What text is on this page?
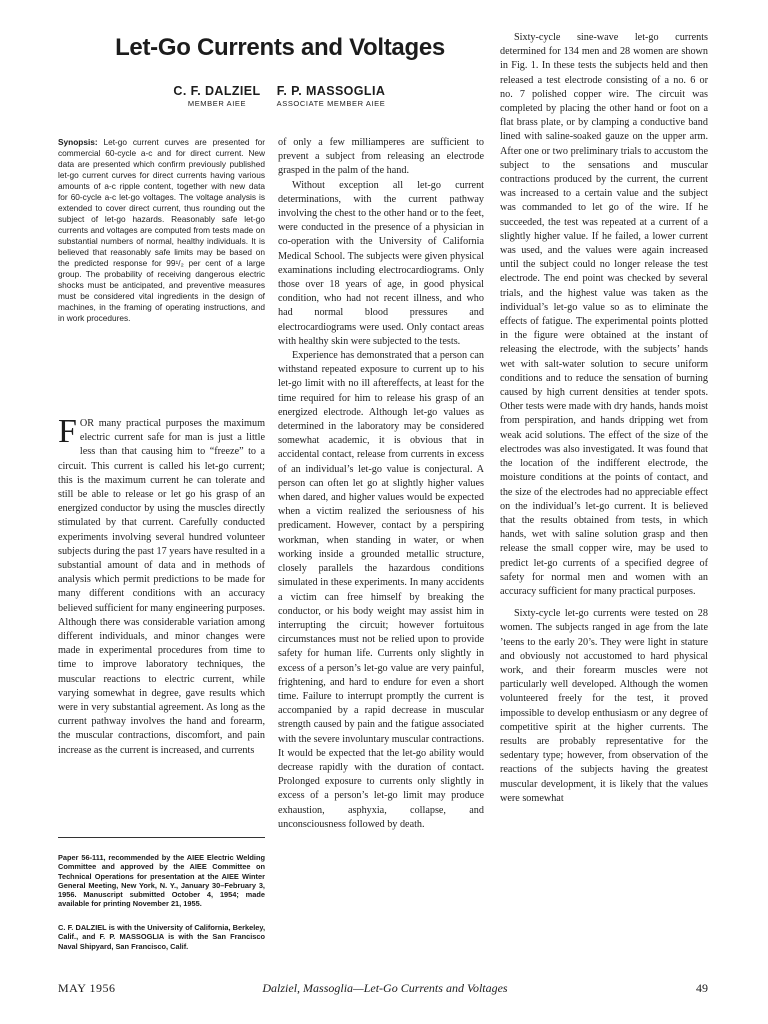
Let-Go Currents and Voltages
C. F. DALZIEL
MEMBER AIEE
F. P. MASSOGLIA
ASSOCIATE MEMBER AIEE
Synopsis: Let-go current curves are presented for commercial 60-cycle a-c and for direct current. New data are presented which confirm previously published let-go current curves for direct currents having various amounts of a-c ripple content, together with new data for 60-cycle a-c let-go voltages. The voltage analysis is extended to cover direct current, thus rounding out the subject of let-go hazards. Reasonably safe let-go currents and voltages are computed from tests made on substantial numbers of normal, healthy individuals. It is believed that reasonably safe limits may be based on the predicted response for 99¹/₂ per cent of a large group. The probability of receiving dangerous electric shocks must be anticipated, and preventive measures must be considered vital ingredients in the design of machines, in the framing of operating instructions, and in work procedures.

FOR many practical purposes the maximum electric current safe for man is just a little less than that causing him to “freeze” to a circuit. This current is called his let-go current; this is the maximum current he can tolerate and still be able to release or let go his grasp of an energized conductor by using the muscles directly stimulated by that current. Carefully conducted experiments involving several hundred volunteer subjects during the past 17 years have resulted in a substantial amount of data and in methods of analysis which permit predictions to be made for many different conditions with an accuracy believed sufficient for many engineering purposes. Although there was considerable variation among different individuals, and minor changes were made in experimental procedures from time to time to improve laboratory techniques, the muscular reactions to electric current, while varying somewhat in degree, gave results which were in very substantial agreement. As long as the current pathway involves the hand and forearm, the muscular contractions, discomfort, and pain increase as the current is increased, and currents

of only a few milliamperes are sufficient to prevent a subject from releasing an electrode grasped in the palm of the hand.

Without exception all let-go current determinations, with the current pathway involving the chest to the other hand or to the feet, were conducted in the presence of a physician in co-operation with the University of California Medical School. The subjects were given physical examinations including electrocardiograms. Only those over 18 years of age, in good physical condition, who had not recent illness, and who had normal blood pressures and electrocardiograms were used. Only contact areas with healthy skin were subjected to the tests.

Experience has demonstrated that a person can withstand repeated exposure to current up to his let-go limit with no ill aftereffects, at least for the time required for him to release his grasp of an energized electrode. Although let-go values as determined in the laboratory may be considered somewhat academic, it is obvious that in accidental contact, release from currents in excess of an individual’s let-go value is conjectural. A person can often let go at slightly higher values when dared, and higher values would be expected when a victim realized the seriousness of his predicament. However, contact by a perspiring workman, when standing in water, or when working inside a grounded metallic structure, closely parallels the hazardous conditions simulated in these experiments. In many accidents a victim can free himself by breaking the conductor, or his body weight may assist him in interrupting the circuit; however fortuitous circumstances must not be relied upon to provide safety for human life. Currents only slightly in excess of a person’s let-go value are very painful, frightening, and hard to endure for even a short time. Failure to interrupt promptly the current is accompanied by a rapid decrease in muscular strength caused by pain and the fatigue associated with the severe involuntary muscular contractions. It would be expected that the let-go ability would decrease rapidly with the duration of contact. Prolonged exposure to currents only slightly in excess of a person’s let-go limit may produce exhaustion, asphyxia, collapse, and unconsciousness followed by death.

Sixty-cycle sine-wave let-go currents determined for 134 men and 28 women are shown in Fig. 1. In these tests the subjects held and then released a test electrode consisting of a no. 6 or no. 7 polished copper wire. The circuit was completed by placing the other hand or foot on a flat brass plate, or by clamping a conductive band lined with saline-soaked gauze on the upper arm. After one or two preliminary trials to accustom the subject to the sensations and muscular contractions produced by the current, the current was increased to a certain value and the subject was commanded to let go of the wire. If he succeeded, the test was repeated at a current of a slightly higher value. If he failed, a lower current was used, and the values were again increased until the subject could no longer release the test electrode. The end point was checked by several trials, and the highest value was taken as the individual’s let-go value so as to eliminate the effects of fatigue. The experimental points plotted in the figure were obtained at the instant of releasing the electrode, with the subjects’ hands wet with salt-water solution to secure uniform conditions and to reduce the sensation of burning caused by high current densities at tender spots. Other tests were made with dry hands, hands moist from perspiration, and hands dripping wet from weak acid solutions. The effect of the size of the electrodes was also investigated. It was found that the location of the indifferent electrode, the moisture conditions at the points of contact, and the size of the electrodes had no appreciable effect on the individual’s let-go current. It is believed that the results obtained from tests, in which hands, wet with saline solution grasp and then release the small copper wire, may be used to predict let-go currents of a specified degree of safety for normal men and women with an accuracy sufficient for many practical purposes.

Sixty-cycle let-go currents were tested on 28 women. The subjects ranged in age from the late ’teens to the early 20’s. They were light in stature and obviously not accustomed to hard physical work, and their forearm muscles were not particularly well developed. Although the women volunteered freely for the test, it proved impossible to develop enthusiasm or any degree of competitive spirit at the higher currents. The results are probably representative for the sedentary type; however, from observation of the reactions of the subjects having the greatest muscular development, it is likely that the values were somewhat

Paper 56-111, recommended by the AIEE Electric Welding Committee and approved by the AIEE Committee on Technical Operations for presentation at the AIEE Winter General Meeting, New York, N. Y., January 30–February 3, 1956. Manuscript submitted October 4, 1954; made available for printing November 21, 1955.
C. F. DALZIEL is with the University of California, Berkeley, Calif., and F. P. MASSOGLIA is with the San Francisco Naval Shipyard, San Francisco, Calif.
MAY 1956	Dalziel, Massoglia—Let-Go Currents and Voltages	49
